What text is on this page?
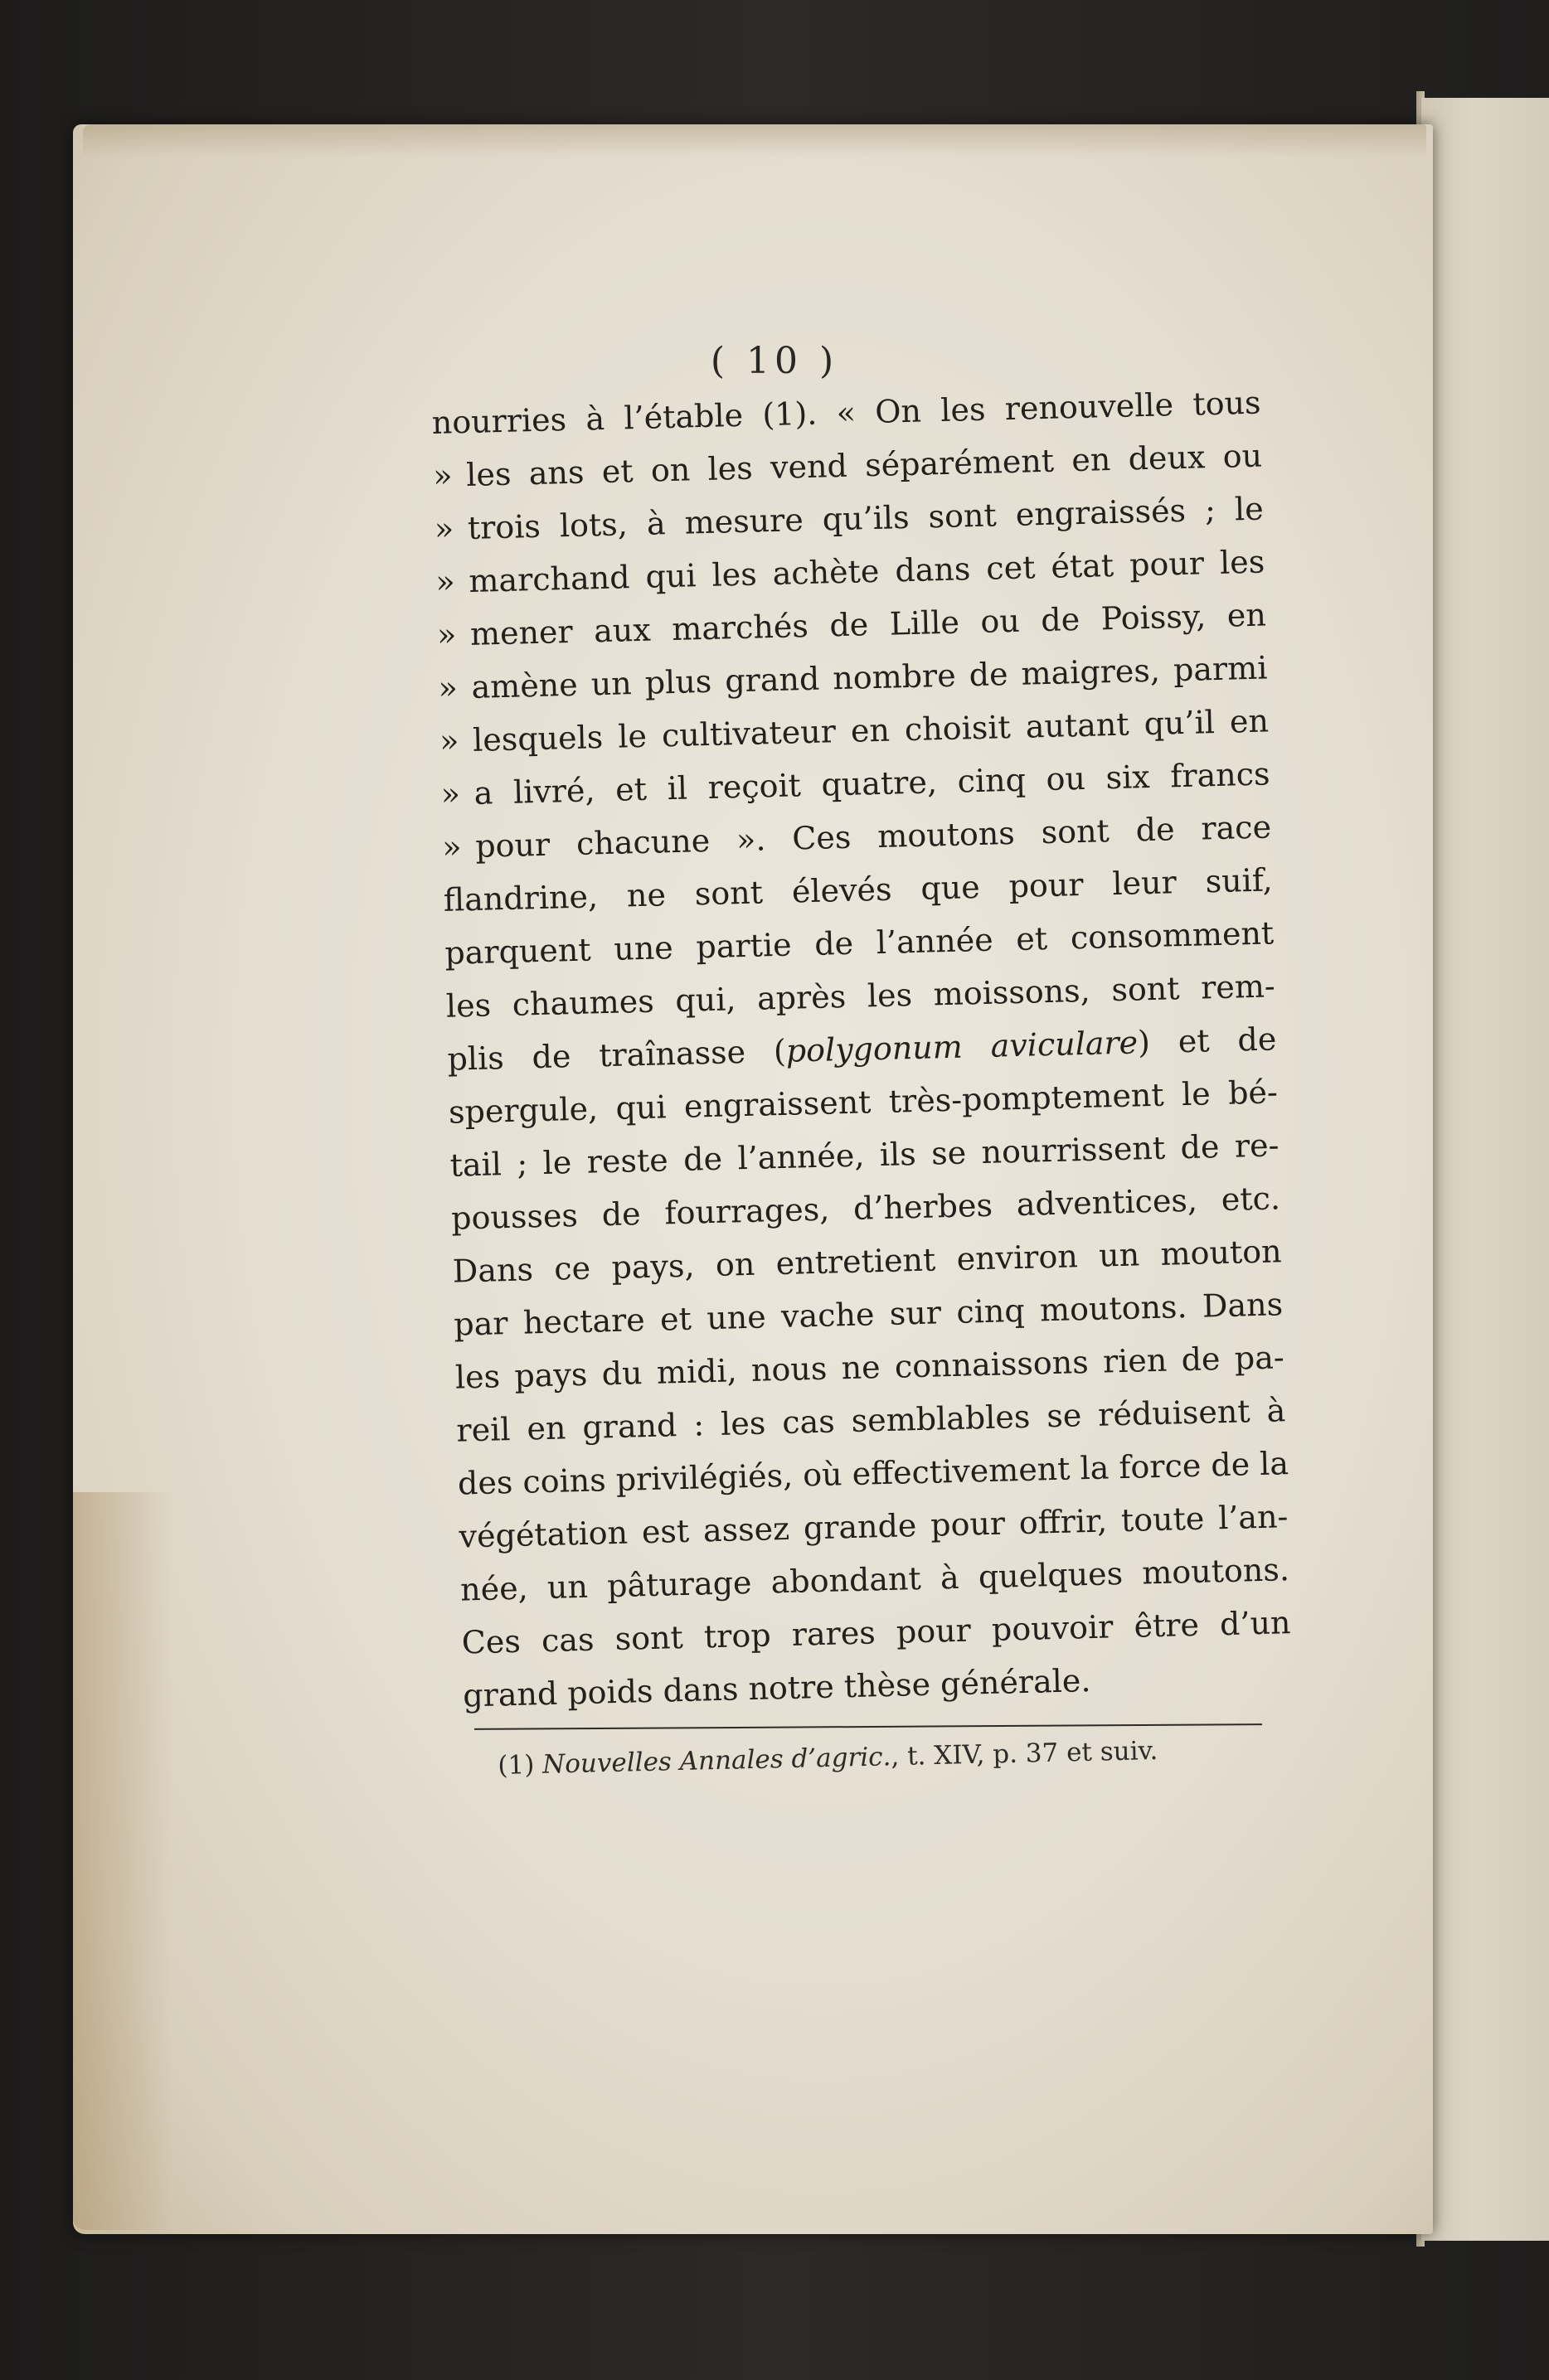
( 10 )
nourries à l’étable (1). « On les renouvelle tous
» les ans et on les vend séparément en deux ou
» trois lots, à mesure qu’ils sont engraissés ; le
» marchand qui les achète dans cet état pour les
» mener aux marchés de Lille ou de Poissy, en
» amène un plus grand nombre de maigres, parmi
» lesquels le cultivateur en choisit autant qu’il en
» a livré, et il reçoit quatre, cinq ou six francs
» pour chacune ». Ces moutons sont de race
flandrine, ne sont élevés que pour leur suif,
parquent une partie de l’année et consomment
les chaumes qui, après les moissons, sont rem-
plis de traînasse (polygonum aviculare) et de
spergule, qui engraissent très-pomptement le bé-
tail ; le reste de l’année, ils se nourrissent de re-
pousses de fourrages, d’herbes adventices, etc.
Dans ce pays, on entretient environ un mouton
par hectare et une vache sur cinq moutons. Dans
les pays du midi, nous ne connaissons rien de pa-
reil en grand : les cas semblables se réduisent à
des coins privilégiés, où effectivement la force de la
végétation est assez grande pour offrir, toute l’an-
née, un pâturage abondant à quelques moutons.
Ces cas sont trop rares pour pouvoir être d’un
grand poids dans notre thèse générale.
(1) Nouvelles Annales d’agric., t. XIV, p. 37 et suiv.
